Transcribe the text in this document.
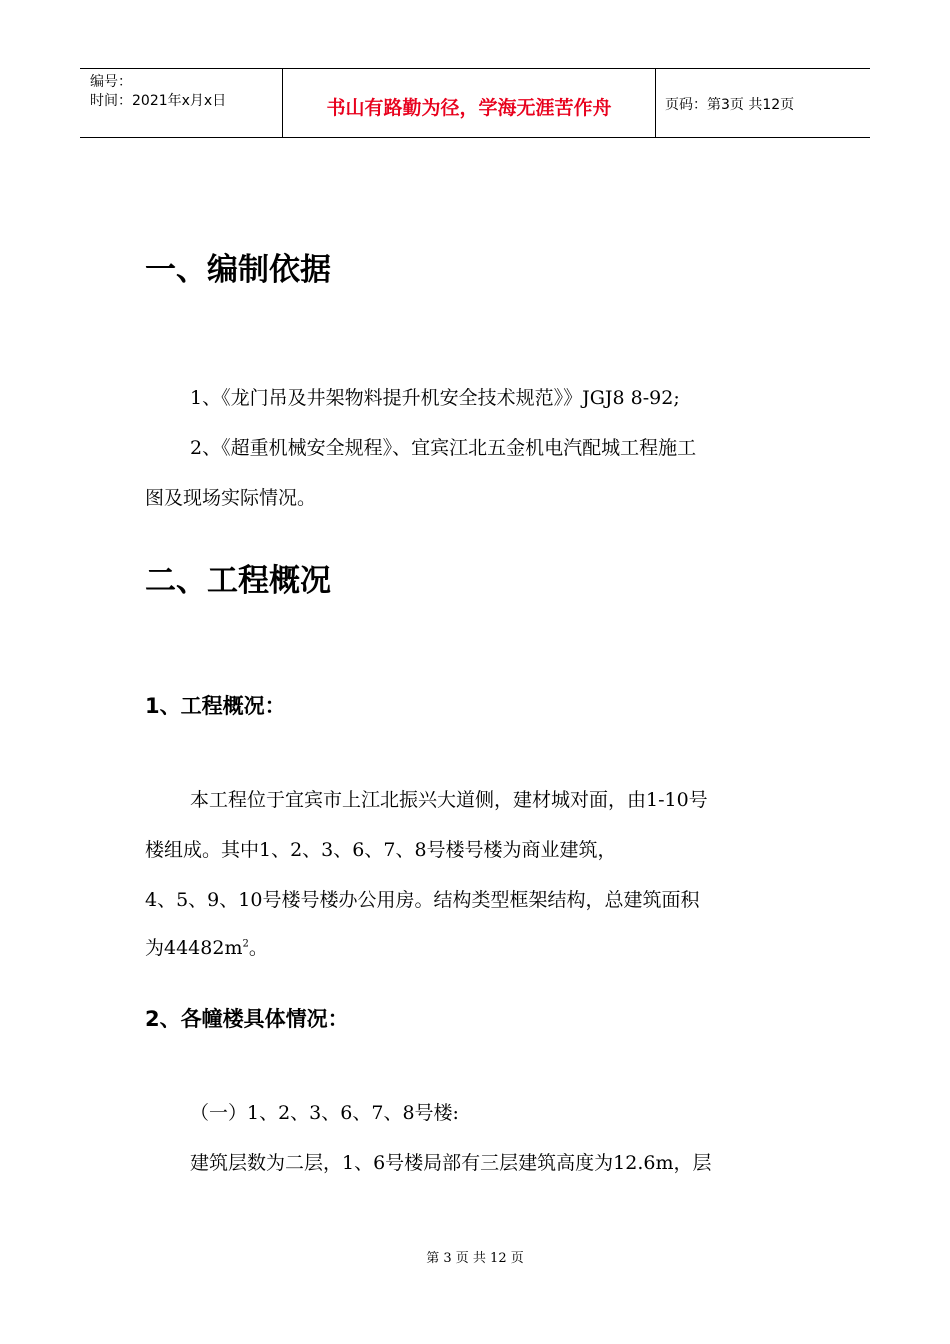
编号：
时间：2021年x月x日	书山有路勤为径，学海无涯苦作舟	页码：第3页 共12页
一、编制依据
1、《龙门吊及井架物料提升机安全技术规范》》JGJ8 8-92;
2、《超重机械安全规程》、宜宾江北五金机电汽配城工程施工
图及现场实际情况。
二、工程概况
1、工程概况：
本工程位于宜宾市上江北振兴大道侧，建材城对面，由1-10号
楼组成。其中1、2、3、6、7、8号楼号楼为商业建筑，
4、5、9、10号楼号楼办公用房。结构类型框架结构，总建筑面积
为$44482m^2$。
2、各幢楼具体情况：
（一）1、2、3、6、7、8号楼:
建筑层数为二层，1、6号楼局部有三层建筑高度为12.6m，层
第 3 页 共 12 页
